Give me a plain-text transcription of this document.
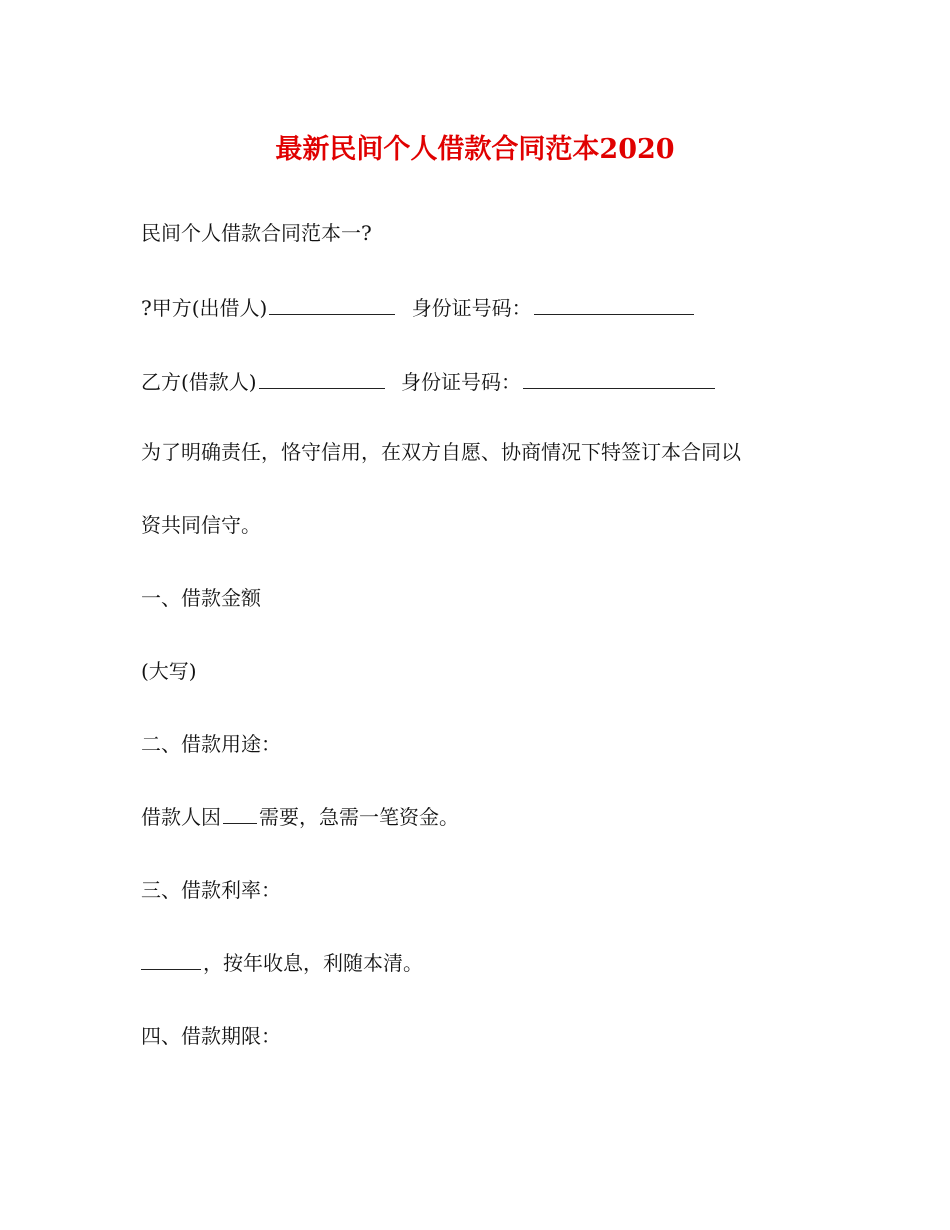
最新民间个人借款合同范本2020

民间个人借款合同范本一?

?甲方(出借人)	身份证号码：

乙方(借款人)	身份证号码：

为了明确责任，恪守信用，在双方自愿、协商情况下特签订本合同以

资共同信守。

一、借款金额

(大写)

二、借款用途：

借款人因 需要，急需一笔资金。

三、借款利率：

，按年收息，利随本清。

四、借款期限：
